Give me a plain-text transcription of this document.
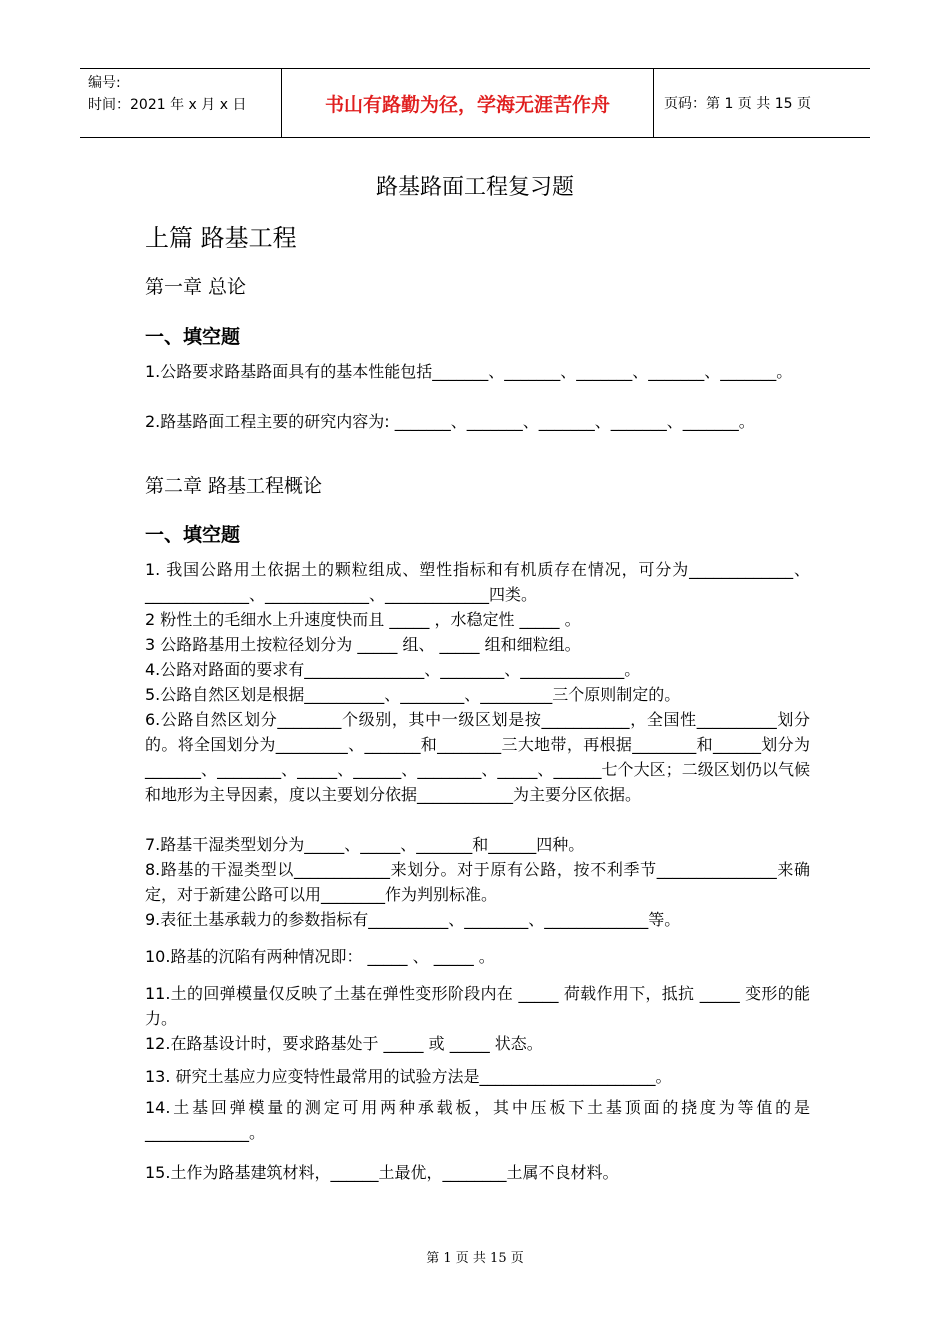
编号:
时间：2021 年 x 月 x 日	书山有路勤为径，学海无涯苦作舟	页码：第 1 页 共 15 页
路基路面工程复习题
上篇 路基工程
第一章 总论
一、填空题
1.公路要求路基路面具有的基本性能包括_______、_______、_______、_______、_______。
2.路基路面工程主要的研究内容为: _______、_______、_______、_______、_______。
第二章 路基工程概论
一、填空题
1. 我国公路用土依据土的颗粒组成、塑性指标和有机质存在情况，可分为_____________、_____________、_____________、_____________四类。
2 粉性土的毛细水上升速度快而且 _____ ，水稳定性 _____ 。
3 公路路基用土按粒径划分为 _____ 组、 _____ 组和细粒组。
4.公路对路面的要求有_______________、________、_____________。
5.公路自然区划是根据__________、________、_________三个原则制定的。
6.公路自然区划分________个级别，其中一级区划是按___________，全国性__________划分的。将全国划分为_________、_______和________三大地带，再根据________和______划分为_______、________、_____、______、________、_____、______七个大区；二级区划仍以气候和地形为主导因素，度以主要划分依据____________为主要分区依据。
7.路基干湿类型划分为_____、_____、_______和______四种。
8.路基的干湿类型以____________来划分。对于原有公路，按不利季节_______________来确定，对于新建公路可以用________作为判别标准。
9.表征土基承载力的参数指标有__________、________、_____________等。
10.路基的沉陷有两种情况即： _____ 、 _____ 。
11.土的回弹模量仅反映了土基在弹性变形阶段内在 _____ 荷载作用下，抵抗 _____ 变形的能力。
12.在路基设计时，要求路基处于 _____ 或 _____ 状态。
13. 研究土基应力应变特性最常用的试验方法是______________________。
14.土基回弹模量的测定可用两种承载板，其中压板下土基顶面的挠度为等值的是_____________。
15.土作为路基建筑材料，______土最优，________土属不良材料。
第 1 页 共 15 页
